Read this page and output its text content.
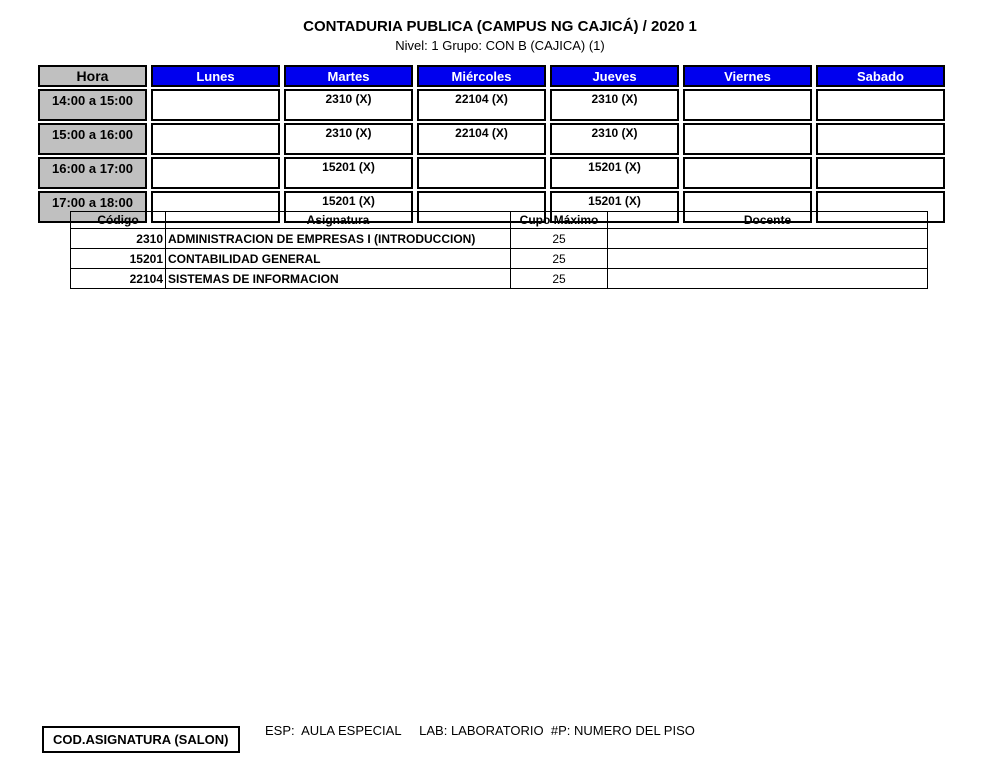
CONTADURIA PUBLICA (CAMPUS NG CAJICÁ) / 2020 1
Nivel: 1 Grupo: CON B (CAJICA) (1)
Hora	Lunes	Martes	Miércoles	Jueves	Viernes	Sabado
14:00 a 15:00		2310 (X)	22104 (X)	2310 (X)		
15:00 a 16:00		2310 (X)	22104 (X)	2310 (X)		
16:00 a 17:00		15201 (X)		15201 (X)		
17:00 a 18:00		15201 (X)		15201 (X)		
Código	Asignatura	Cupo Máximo	Docente
2310	ADMINISTRACION DE EMPRESAS I (INTRODUCCION)	25	
15201	CONTABILIDAD GENERAL	25	
22104	SISTEMAS DE INFORMACION	25	
COD.ASIGNATURA (SALON)
ESP:  AULA ESPECIAL     LAB: LABORATORIO  #P: NUMERO DEL PISO
